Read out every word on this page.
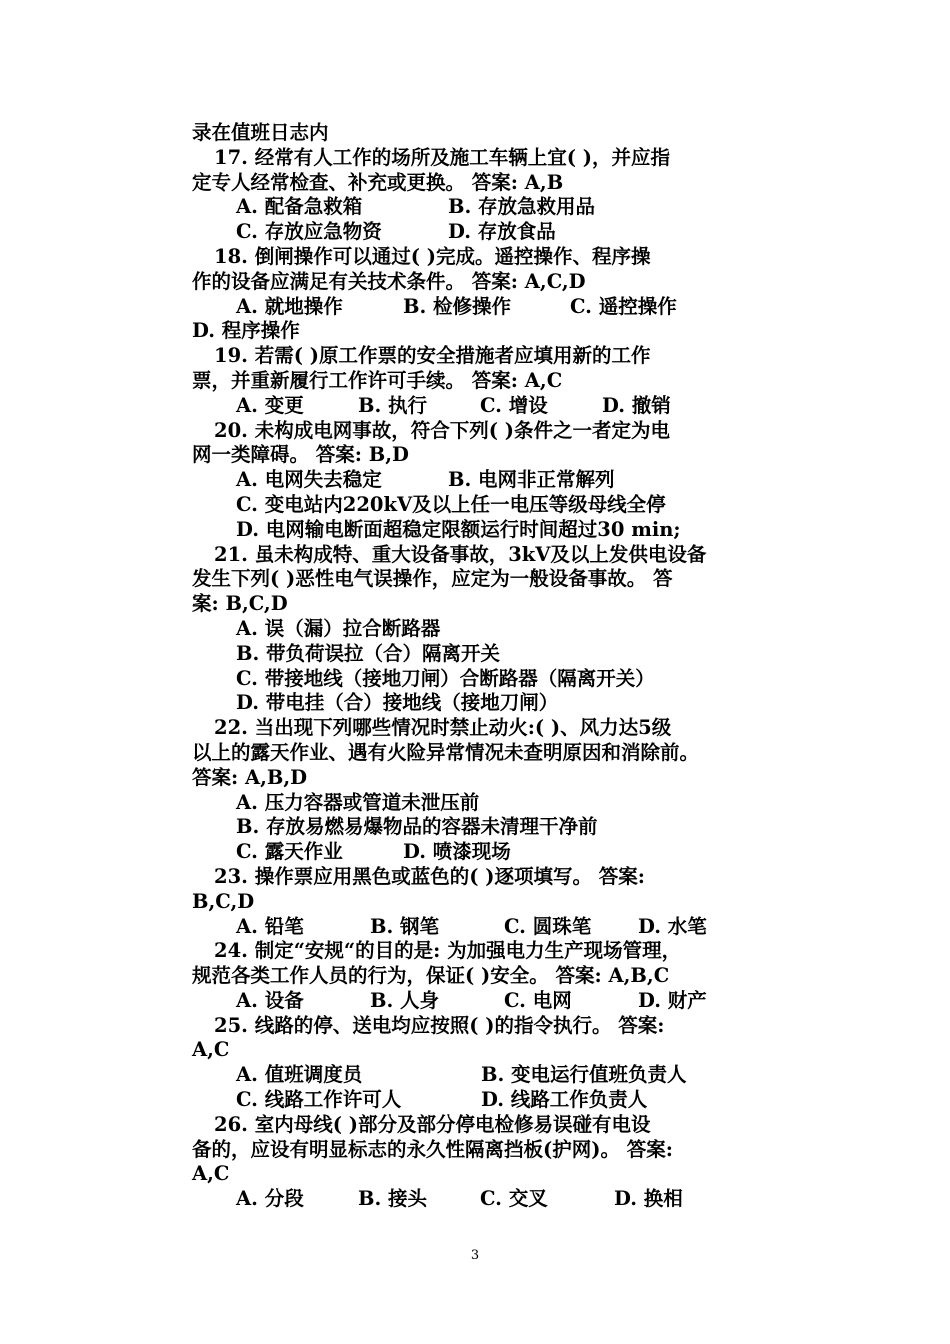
录在值班日志内
17. 经常有人工作的场所及施工车辆上宜( )，并应指
定专人经常检查、补充或更换。 答案: A,B
A. 配备急救箱	B. 存放急救用品
C. 存放应急物资	D. 存放食品
18. 倒闸操作可以通过( )完成。遥控操作、程序操
作的设备应满足有关技术条件。 答案: A,C,D
A. 就地操作	B. 检修操作	C. 遥控操作
D. 程序操作
19. 若需( )原工作票的安全措施者应填用新的工作
票，并重新履行工作许可手续。 答案: A,C
A. 变更	B. 执行	C. 增设	D. 撤销
20. 未构成电网事故，符合下列( )条件之一者定为电
网一类障碍。 答案: B,D
A. 电网失去稳定	B. 电网非正常解列
C. 变电站内220kV及以上任一电压等级母线全停
D. 电网输电断面超稳定限额运行时间超过30 min;
21. 虽未构成特、重大设备事故，3kV及以上发供电设备
发生下列( )恶性电气误操作，应定为一般设备事故。 答
案: B,C,D
A. 误（漏）拉合断路器
B. 带负荷误拉（合）隔离开关
C. 带接地线（接地刀闸）合断路器（隔离开关）
D. 带电挂（合）接地线（接地刀闸）
22. 当出现下列哪些情况时禁止动火:( )、风力达5级
以上的露天作业、遇有火险异常情况未查明原因和消除前。
答案: A,B,D
A. 压力容器或管道未泄压前
B. 存放易燃易爆物品的容器未清理干净前
C. 露天作业	D. 喷漆现场
23. 操作票应用黑色或蓝色的( )逐项填写。 答案:
B,C,D
A. 铅笔	B. 钢笔	C. 圆珠笔 D. 水笔
24. 制定“安规“的目的是: 为加强电力生产现场管理，
规范各类工作人员的行为，保证( )安全。 答案: A,B,C
A. 设备	B. 人身	C. 电网	D. 财产
25. 线路的停、送电均应按照( )的指令执行。 答案:
A,C
A. 值班调度员	B. 变电运行值班负责人
C. 线路工作许可人	D. 线路工作负责人
26. 室内母线( )部分及部分停电检修易误碰有电设
备的，应设有明显标志的永久性隔离挡板(护网)。 答案:
A,C
A. 分段	B. 接头	C. 交叉	D. 换相
3
